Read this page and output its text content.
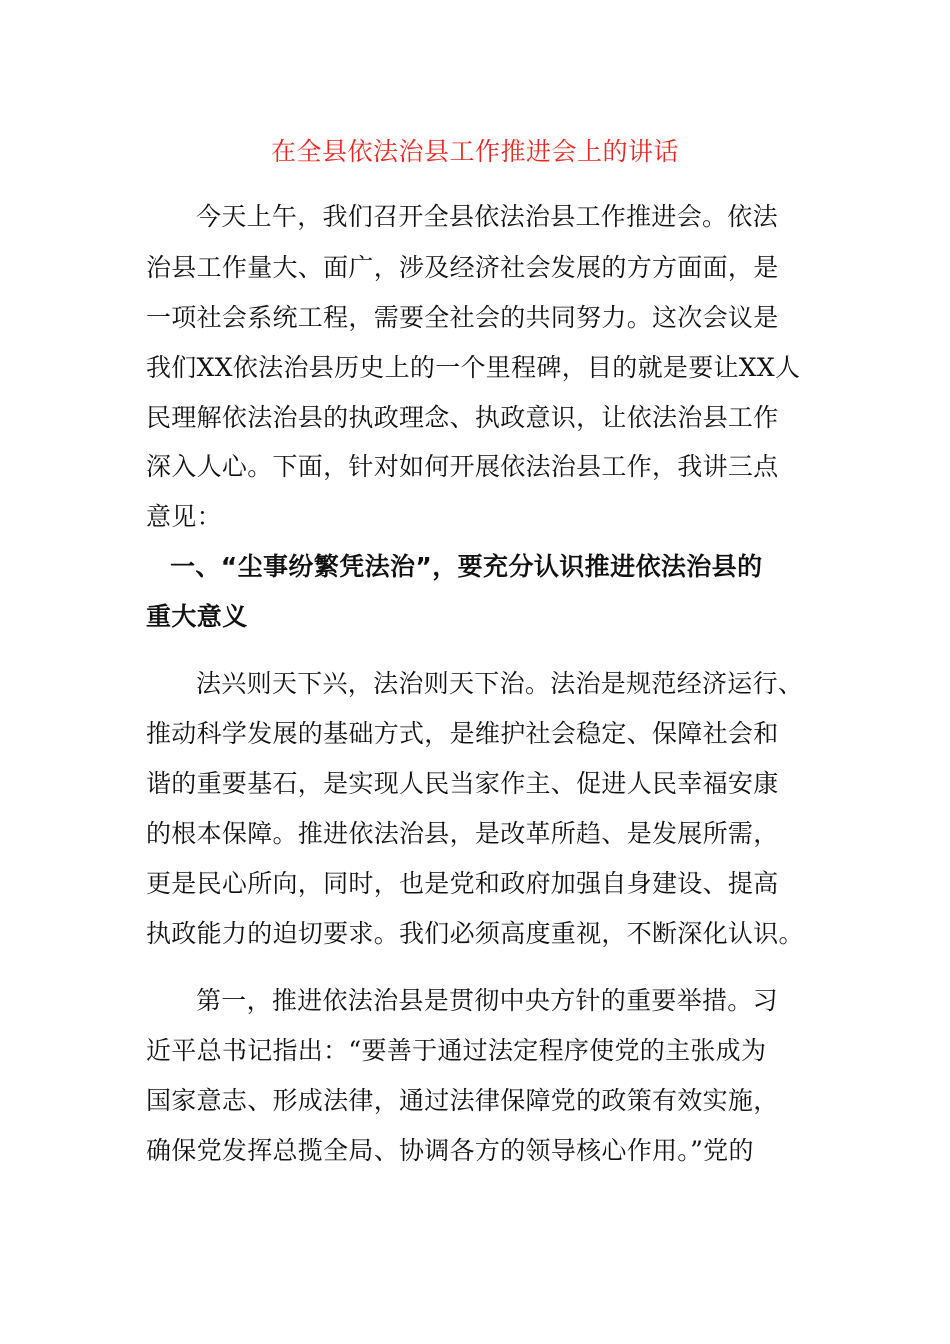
在全县依法治县工作推进会上的讲话
今天上午，我们召开全县依法治县工作推进会。依法
治县工作量大、面广，涉及经济社会发展的方方面面，是
一项社会系统工程，需要全社会的共同努力。这次会议是
我们XX依法治县历史上的一个里程碑，目的就是要让XX人
民理解依法治县的执政理念、执政意识，让依法治县工作
深入人心。下面，针对如何开展依法治县工作，我讲三点
意见：
一、“尘事纷繁凭法治”，要充分认识推进依法治县的
重大意义
法兴则天下兴，法治则天下治。法治是规范经济运行、
推动科学发展的基础方式，是维护社会稳定、保障社会和
谐的重要基石，是实现人民当家作主、促进人民幸福安康
的根本保障。推进依法治县，是改革所趋、是发展所需，
更是民心所向，同时，也是党和政府加强自身建设、提高
执政能力的迫切要求。我们必须高度重视，不断深化认识。
第一，推进依法治县是贯彻中央方针的重要举措。习
近平总书记指出：“要善于通过法定程序使党的主张成为
国家意志、形成法律，通过法律保障党的政策有效实施，
确保党发挥总揽全局、协调各方的领导核心作用。”党的
